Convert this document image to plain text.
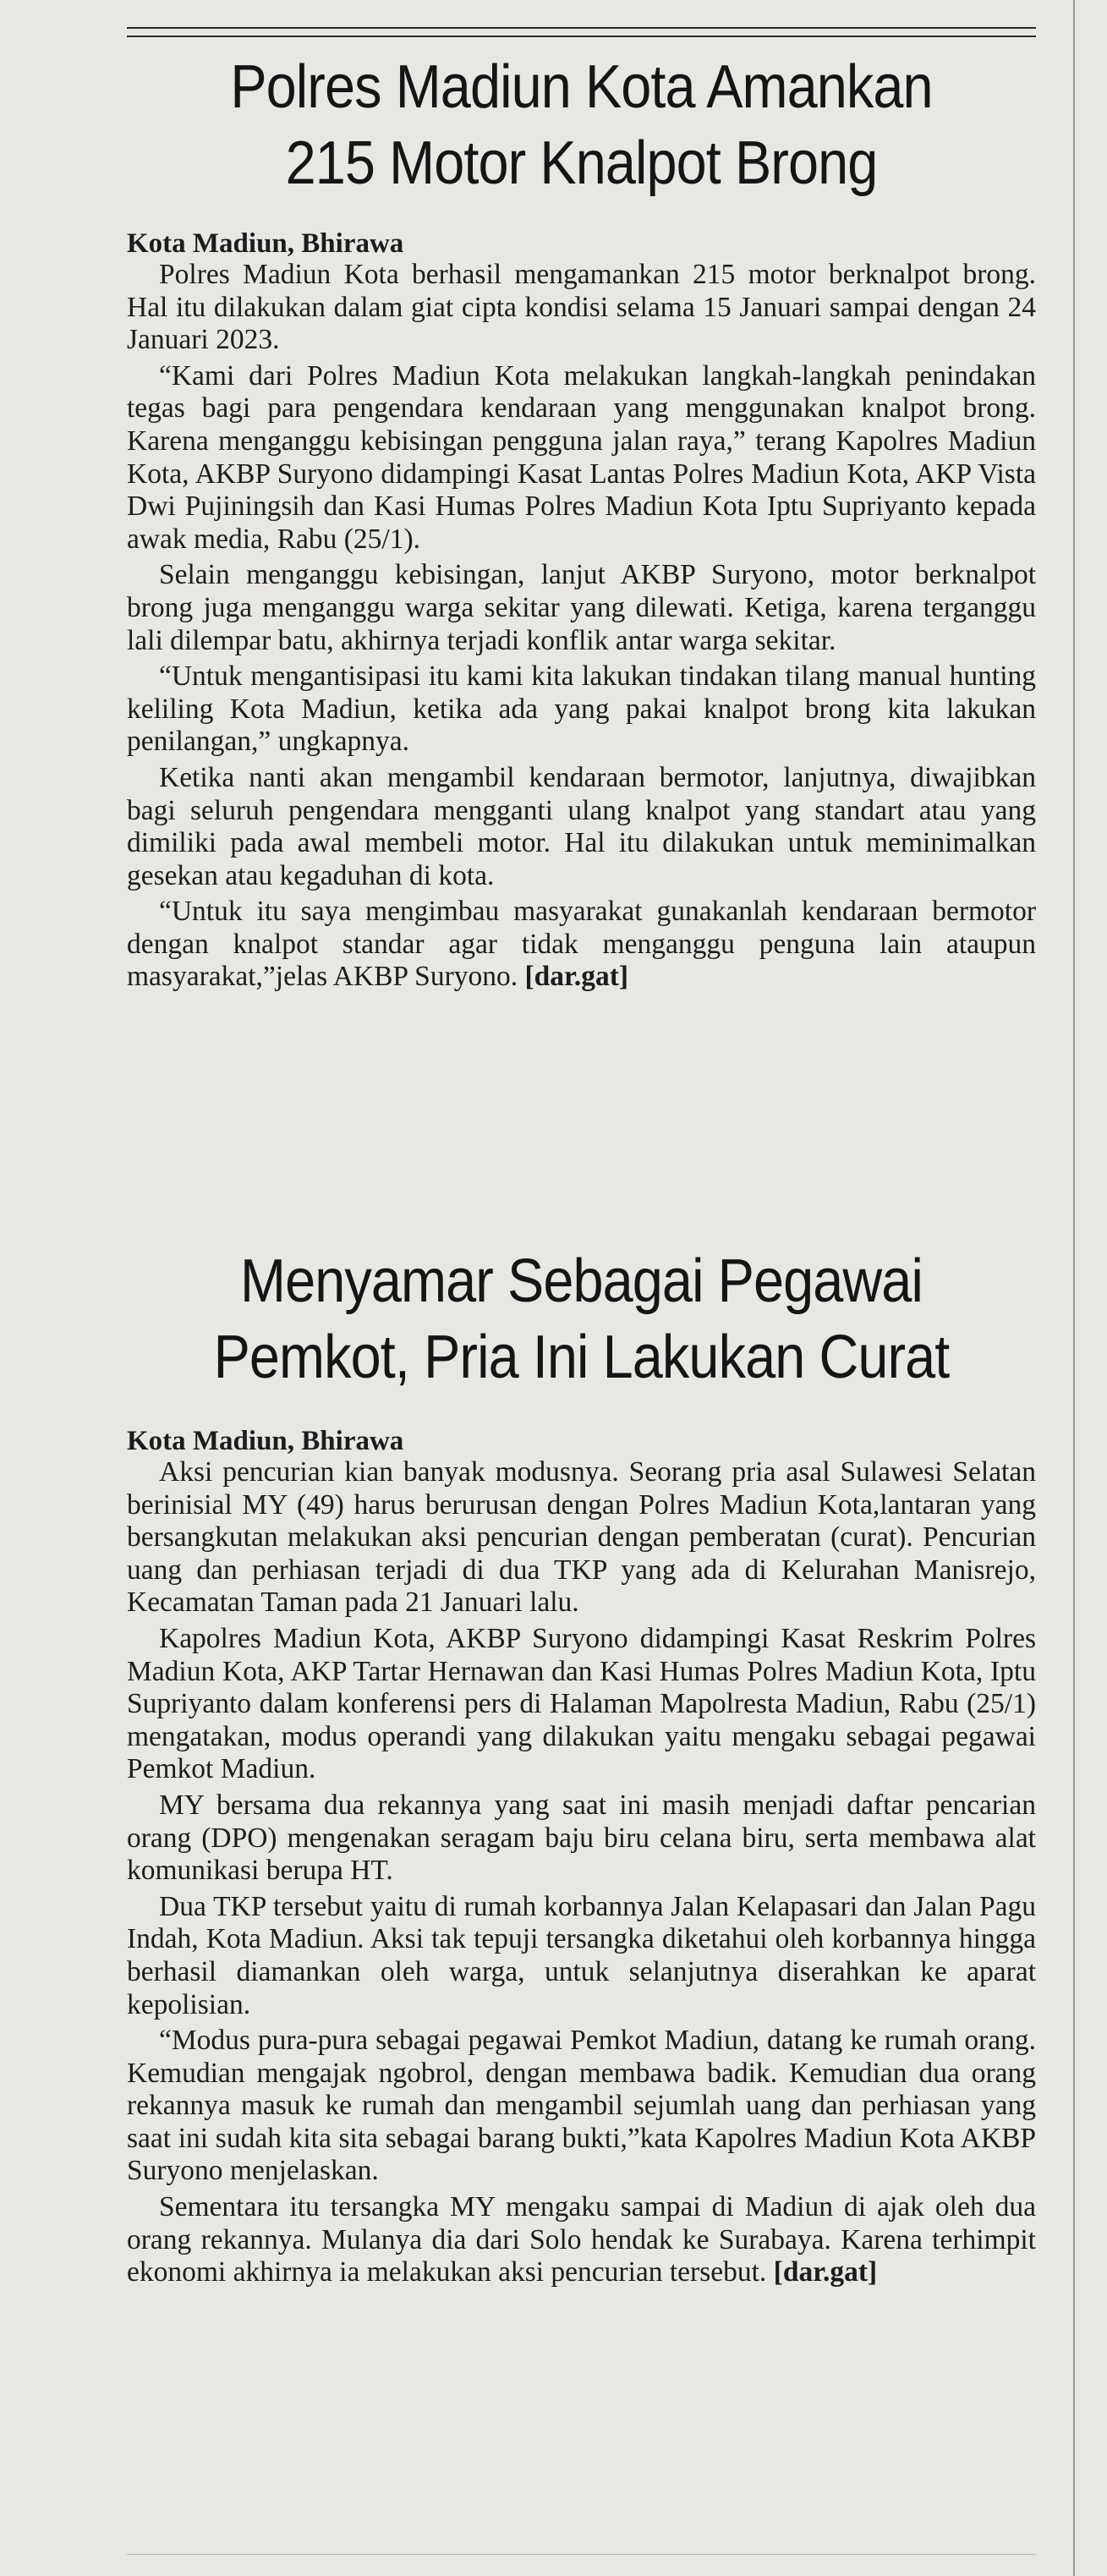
Polres Madiun Kota Amankan
215 Motor Knalpot Brong

Kota Madiun, Bhirawa

Polres Madiun Kota berhasil mengamankan 215 motor berknalpot brong. Hal itu dilakukan dalam giat cipta kondisi selama 15 Januari sampai dengan 24 Januari 2023.

“Kami dari Polres Madiun Kota melakukan langkah-langkah penindakan tegas bagi para pengendara kendaraan yang menggunakan knalpot brong. Karena menganggu kebisingan pengguna jalan raya,” terang Kapolres Madiun Kota, AKBP Suryono didampingi Kasat Lantas Polres Madiun Kota, AKP Vista Dwi Pujiningsih dan Kasi Humas Polres Madiun Kota Iptu Supriyanto kepada awak media, Rabu (25/1).

Selain menganggu kebisingan, lanjut AKBP Suryono, motor berknalpot brong juga menganggu warga sekitar yang dilewati. Ketiga, karena terganggu lali dilempar batu, akhirnya terjadi konflik antar warga sekitar.

“Untuk mengantisipasi itu kami kita lakukan tindakan tilang manual hunting keliling Kota Madiun, ketika ada yang pakai knalpot brong kita lakukan penilangan,” ungkapnya.

Ketika nanti akan mengambil kendaraan bermotor, lanjutnya, diwajibkan bagi seluruh pengendara mengganti ulang knalpot yang standart atau yang dimiliki pada awal membeli motor. Hal itu dilakukan untuk meminimalkan gesekan atau kegaduhan di kota.

“Untuk itu saya mengimbau masyarakat gunakanlah kendaraan bermotor dengan knalpot standar agar tidak menganggu penguna lain ataupun masyarakat,”jelas AKBP Suryono. [dar.gat]

Menyamar Sebagai Pegawai
Pemkot, Pria Ini Lakukan Curat

Kota Madiun, Bhirawa

Aksi pencurian kian banyak modusnya. Seorang pria asal Sulawesi Selatan berinisial MY (49) harus berurusan dengan Polres Madiun Kota,lantaran yang bersangkutan melakukan aksi pencurian dengan pemberatan (curat). Pencurian uang dan perhiasan terjadi di dua TKP yang ada di Kelurahan Manisrejo, Kecamatan Taman pada 21 Januari lalu.

Kapolres Madiun Kota, AKBP Suryono didampingi Kasat Reskrim Polres Madiun Kota, AKP Tartar Hernawan dan Kasi Humas Polres Madiun Kota, Iptu Supriyanto dalam konferensi pers di Halaman Mapolresta Madiun, Rabu (25/1) mengatakan, modus operandi yang dilakukan yaitu mengaku sebagai pegawai Pemkot Madiun.

MY bersama dua rekannya yang saat ini masih menjadi daftar pencarian orang (DPO) mengenakan seragam baju biru celana biru, serta membawa alat komunikasi berupa HT.

Dua TKP tersebut yaitu di rumah korbannya Jalan Kelapasari dan Jalan Pagu Indah, Kota Madiun. Aksi tak tepuji tersangka diketahui oleh korbannya hingga berhasil diamankan oleh warga, untuk selanjutnya diserahkan ke aparat kepolisian.

“Modus pura-pura sebagai pegawai Pemkot Madiun, datang ke rumah orang. Kemudian mengajak ngobrol, dengan membawa badik. Kemudian dua orang rekannya masuk ke rumah dan mengambil sejumlah uang dan perhiasan yang saat ini sudah kita sita sebagai barang bukti,”kata Kapolres Madiun Kota AKBP Suryono menjelaskan.

Sementara itu tersangka MY mengaku sampai di Madiun di ajak oleh dua orang rekannya. Mulanya dia dari Solo hendak ke Surabaya. Karena terhimpit ekonomi akhirnya ia melakukan aksi pencurian tersebut. [dar.gat]
